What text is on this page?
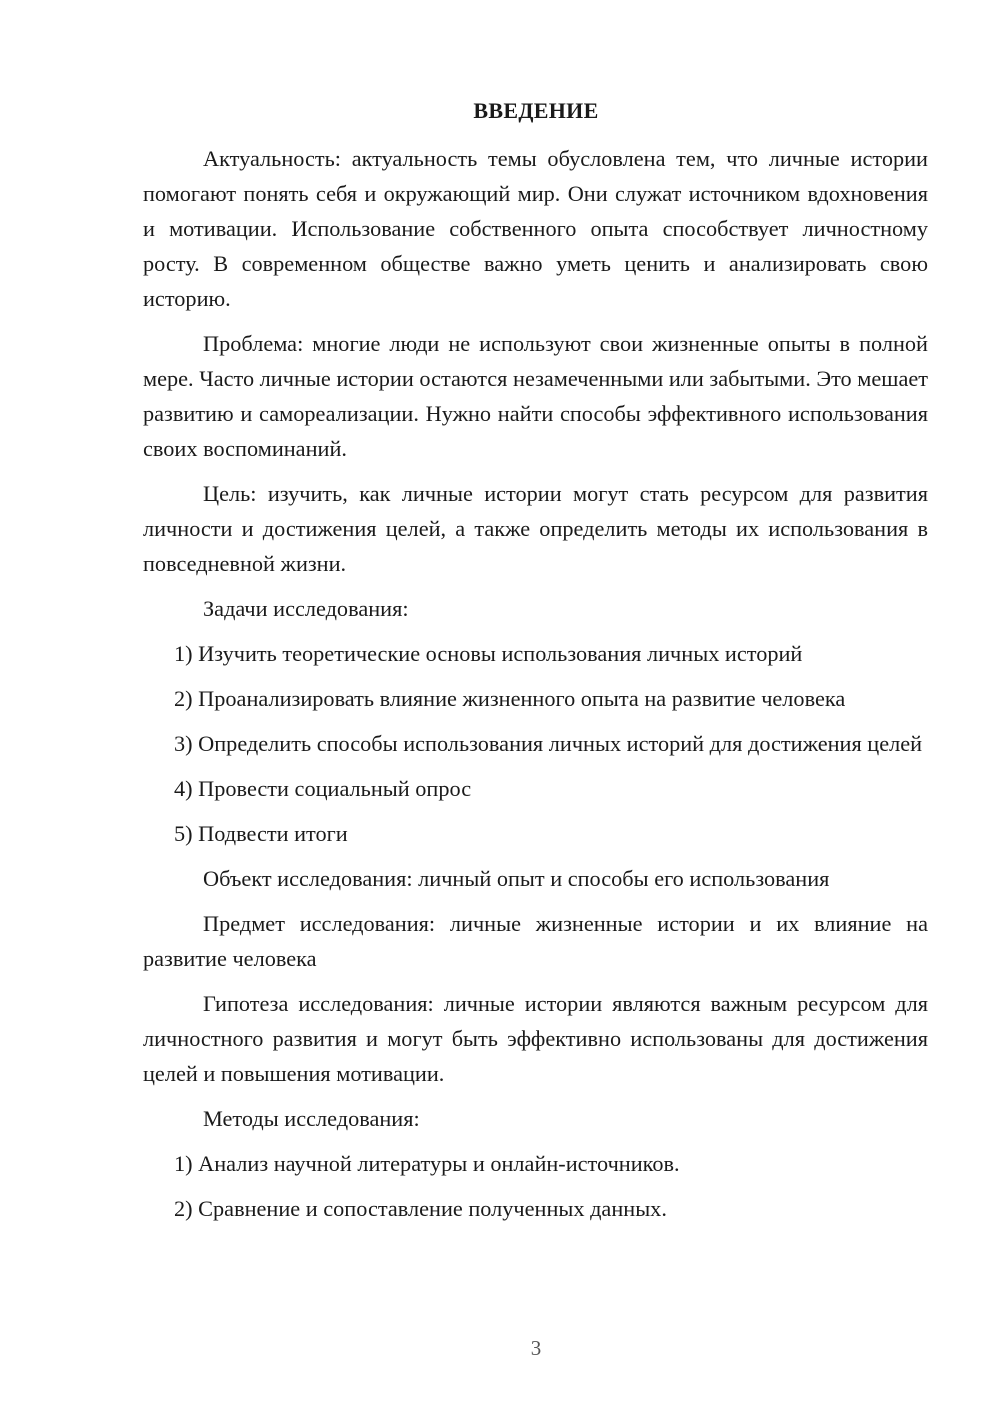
ВВЕДЕНИЕ

Актуальность: актуальность темы обусловлена тем, что личные истории помогают понять себя и окружающий мир. Они служат источником вдохновения и мотивации. Использование собственного опыта способствует личностному росту. В современном обществе важно уметь ценить и анализировать свою историю.

Проблема: многие люди не используют свои жизненные опыты в полной мере. Часто личные истории остаются незамеченными или забытыми. Это мешает развитию и самореализации. Нужно найти способы эффективного использования своих воспоминаний.

Цель: изучить, как личные истории могут стать ресурсом для развития личности и достижения целей, а также определить методы их использования в повседневной жизни.

Задачи исследования:

1) Изучить теоретические основы использования личных историй

2) Проанализировать влияние жизненного опыта на развитие человека

3) Определить способы использования личных историй для достижения целей

4) Провести социальный опрос

5) Подвести итоги

Объект исследования: личный опыт и способы его использования

Предмет исследования: личные жизненные истории и их влияние на развитие человека

Гипотеза исследования: личные истории являются важным ресурсом для личностного развития и могут быть эффективно использованы для достижения целей и повышения мотивации.

Методы исследования:

1) Анализ научной литературы и онлайн-источников.

2) Сравнение и сопоставление полученных данных.

3
